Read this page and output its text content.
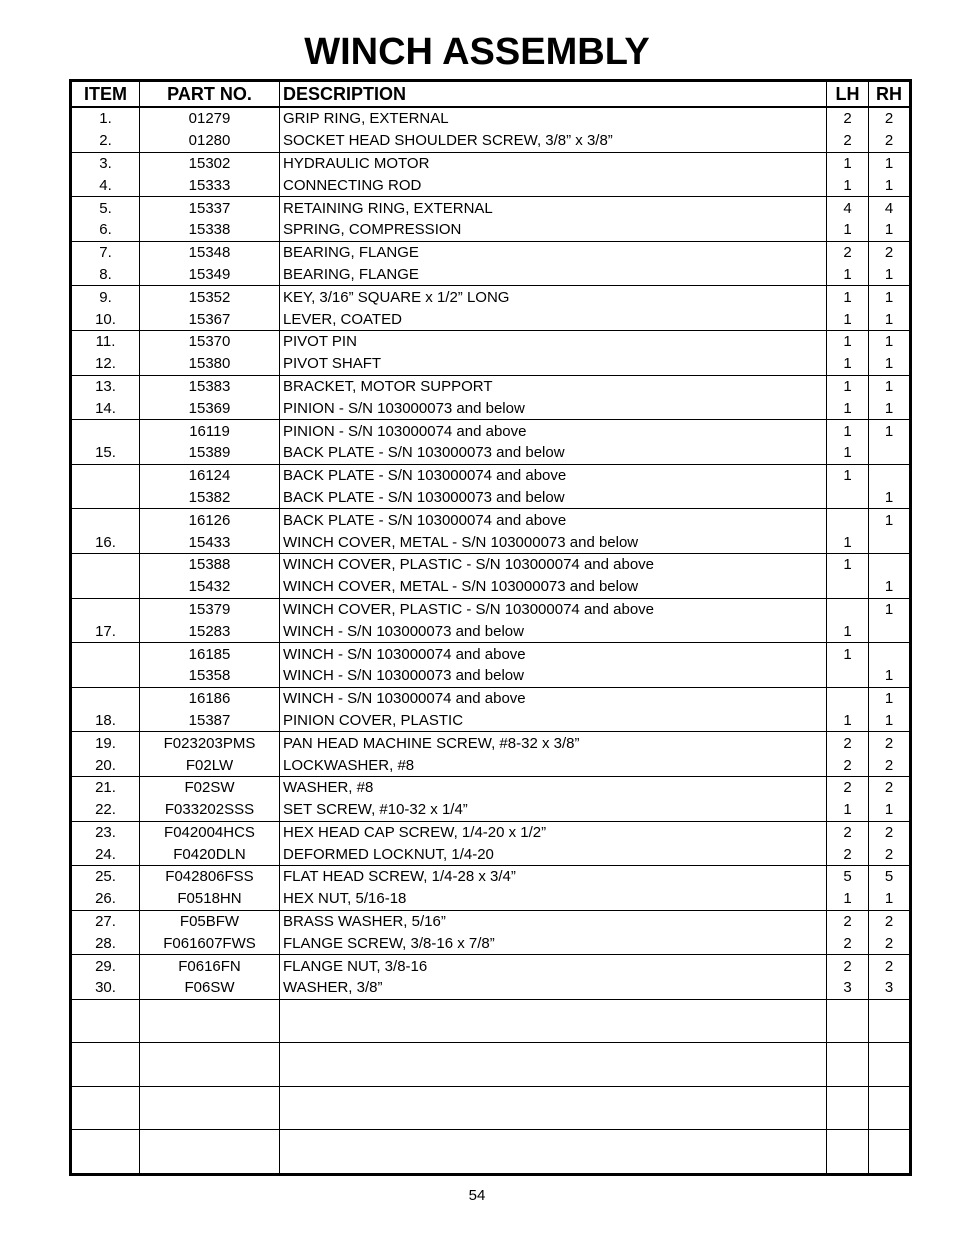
WINCH ASSEMBLY
ITEM	PART NO.	DESCRIPTION	LH	RH
1.	01279	GRIP RING, EXTERNAL	2	2
2.	01280	SOCKET HEAD SHOULDER SCREW, 3/8” x 3/8”	2	2
3.	15302	HYDRAULIC MOTOR	1	1
4.	15333	CONNECTING ROD	1	1
5.	15337	RETAINING RING, EXTERNAL	4	4
6.	15338	SPRING, COMPRESSION	1	1
7.	15348	BEARING, FLANGE	2	2
8.	15349	BEARING, FLANGE	1	1
9.	15352	KEY, 3/16” SQUARE x 1/2” LONG	1	1
10.	15367	LEVER, COATED	1	1
11.	15370	PIVOT PIN	1	1
12.	15380	PIVOT SHAFT	1	1
13.	15383	BRACKET, MOTOR SUPPORT	1	1
14.	15369	PINION - S/N 103000073 and below	1	1
	16119	PINION - S/N 103000074 and above	1	1
15.	15389	BACK PLATE - S/N 103000073 and below	1	
	16124	BACK PLATE - S/N 103000074 and above	1	
	15382	BACK PLATE - S/N 103000073 and below		1
	16126	BACK PLATE - S/N 103000074 and above		1
16.	15433	WINCH COVER, METAL - S/N 103000073 and below	1	
	15388	WINCH COVER, PLASTIC - S/N 103000074 and above	1	
	15432	WINCH COVER, METAL - S/N 103000073 and below		1
	15379	WINCH COVER, PLASTIC - S/N 103000074 and above		1
17.	15283	WINCH - S/N 103000073 and below	1	
	16185	WINCH - S/N 103000074 and above	1	
	15358	WINCH - S/N 103000073 and below		1
	16186	WINCH - S/N 103000074 and above		1
18.	15387	PINION COVER, PLASTIC	1	1
19.	F023203PMS	PAN HEAD MACHINE SCREW, #8-32 x 3/8”	2	2
20.	F02LW	LOCKWASHER, #8	2	2
21.	F02SW	WASHER, #8	2	2
22.	F033202SSS	SET SCREW, #10-32 x 1/4”	1	1
23.	F042004HCS	HEX HEAD CAP SCREW, 1/4-20 x 1/2”	2	2
24.	F0420DLN	DEFORMED LOCKNUT, 1/4-20	2	2
25.	F042806FSS	FLAT HEAD SCREW, 1/4-28 x 3/4”	5	5
26.	F0518HN	HEX NUT, 5/16-18	1	1
27.	F05BFW	BRASS WASHER, 5/16”	2	2
28.	F061607FWS	FLANGE SCREW, 3/8-16 x 7/8”	2	2
29.	F0616FN	FLANGE NUT, 3/8-16	2	2
30.	F06SW	WASHER, 3/8”	3	3

54
